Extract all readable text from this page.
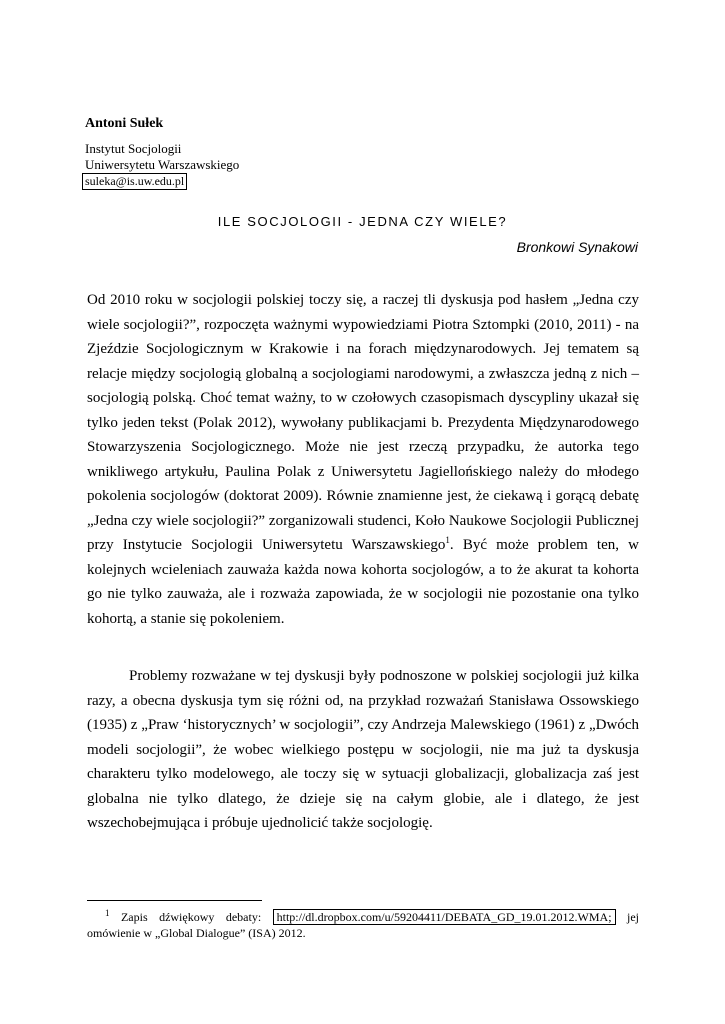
Antoni Sułek
Instytut Socjologii
Uniwersytetu Warszawskiego
suleka@is.uw.edu.pl
ILE SOCJOLOGII - JEDNA CZY WIELE?
Bronkowi Synakowi
Od 2010 roku w socjologii polskiej toczy się, a raczej tli dyskusja pod hasłem „Jedna czy wiele socjologii?”, rozpoczęta ważnymi wypowiedziami Piotra Sztompki (2010, 2011) - na Zjeździe Socjologicznym w Krakowie i na forach międzynarodowych. Jej tematem są relacje między socjologią globalną a socjologiami narodowymi, a zwłaszcza jedną z nich – socjologią polską. Choć temat ważny, to w czołowych czasopismach dyscypliny ukazał się tylko jeden tekst (Polak 2012), wywołany publikacjami b. Prezydenta Międzynarodowego Stowarzyszenia Socjologicznego. Może nie jest rzeczą przypadku, że autorka tego wnikliwego artykułu, Paulina Polak z Uniwersytetu Jagiellońskiego należy do młodego pokolenia socjologów (doktorat 2009). Równie znamienne jest, że ciekawą i gorącą debatę „Jedna czy wiele socjologii?” zorganizowali studenci, Koło Naukowe Socjologii Publicznej przy Instytucie Socjologii Uniwersytetu Warszawskiego$^1$. Być może problem ten, w kolejnych wcieleniach zauważa każda nowa kohorta socjologów, a to że akurat ta kohorta go nie tylko zauważa, ale i rozważa zapowiada, że w socjologii nie pozostanie ona tylko kohortą, a stanie się pokoleniem.
Problemy rozważane w tej dyskusji były podnoszone w polskiej socjologii już kilka razy, a obecna dyskusja tym się różni od, na przykład rozważań Stanisława Ossowskiego (1935) z „Praw ‘historycznych’ w socjologii”, czy Andrzeja Malewskiego (1961) z „Dwóch modeli socjologii”, że wobec wielkiego postępu w socjologii, nie ma już ta dyskusja charakteru tylko modelowego, ale toczy się w sytuacji globalizacji, globalizacja zaś jest globalna nie tylko dlatego, że dzieje się na całym globie, ale i dlatego, że jest wszechobejmująca i próbuje ujednolicić także socjologię.
$^1$ Zapis dźwiękowy debaty: http://dl.dropbox.com/u/59204411/DEBATA_GD_19.01.2012.WMA; jej omówienie w „Global Dialogue” (ISA) 2012.
